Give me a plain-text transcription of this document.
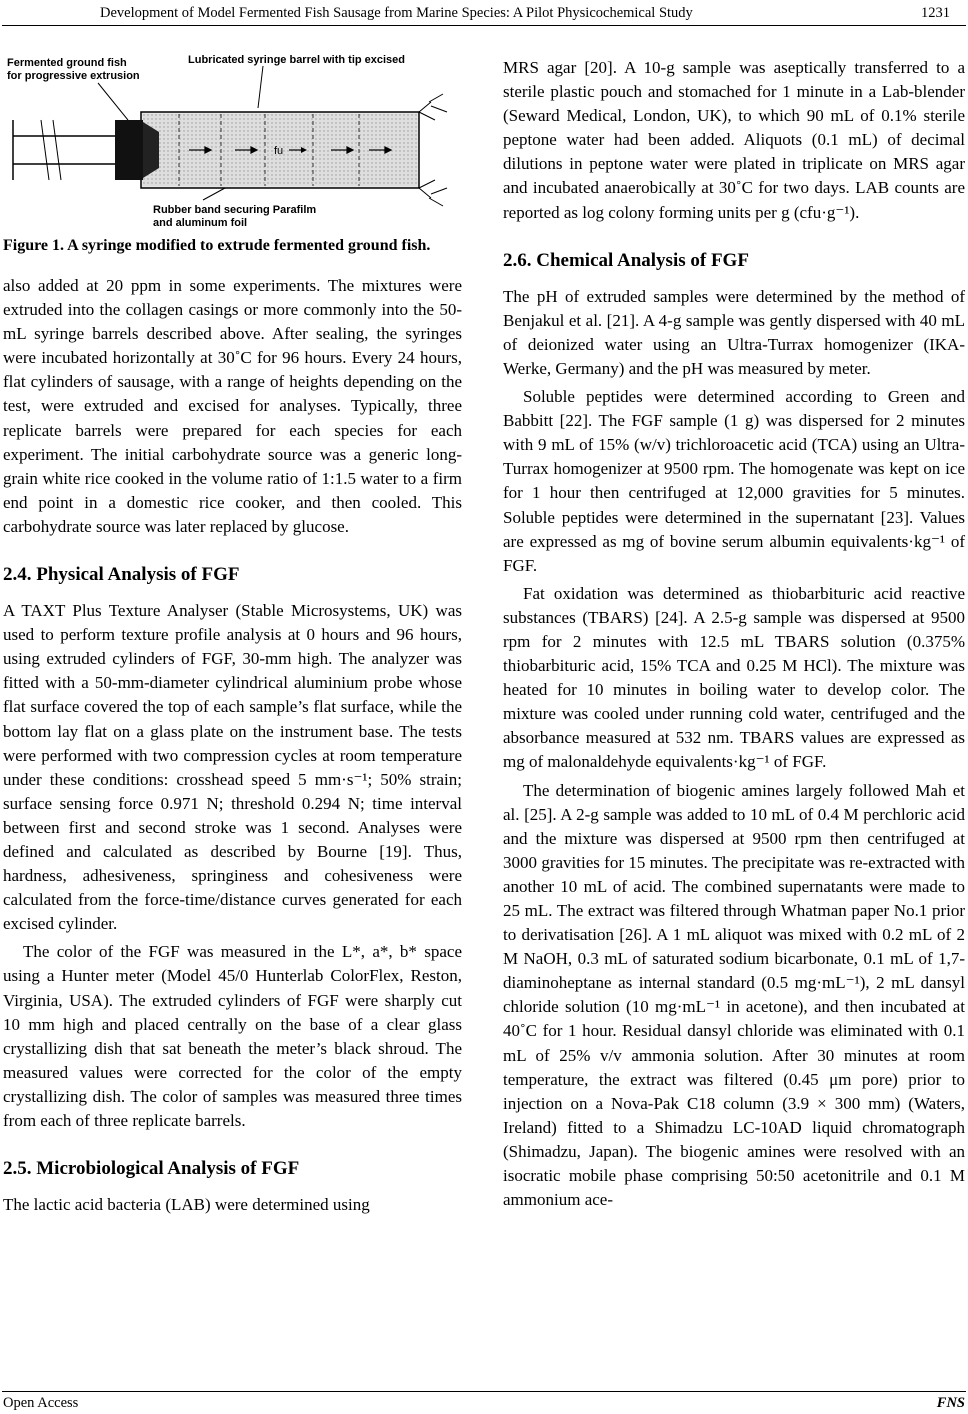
Development of Model Fermented Fish Sausage from Marine Species: A Pilot Physicochemical Study	1231
Fermented ground fish
for progressive extrusion
Lubricated syringe barrel with tip excised
fu
Rubber band securing Parafilm
and aluminum foil
Figure 1. A syringe modified to extrude fermented ground fish.

also added at 20 ppm in some experiments. The mixtures were extruded into the collagen casings or more commonly into the 50-mL syringe barrels described above. After sealing, the syringes were incubated horizontally at 30˚C for 96 hours. Every 24 hours, flat cylinders of sausage, with a range of heights depending on the test, were extruded and excised for analyses. Typically, three replicate barrels were prepared for each species for each experiment. The initial carbohydrate source was a generic long-grain white rice cooked in the volume ratio of 1:1.5 water to a firm end point in a domestic rice cooker, and then cooled. This carbohydrate source was later replaced by glucose.

2.4. Physical Analysis of FGF

A TAXT Plus Texture Analyser (Stable Microsystems, UK) was used to perform texture profile analysis at 0 hours and 96 hours, using extruded cylinders of FGF, 30-mm high. The analyzer was fitted with a 50-mm-diameter cylindrical aluminium probe whose flat surface covered the top of each sample’s flat surface, while the bottom lay flat on a glass plate on the instrument base. The tests were performed with two compression cycles at room temperature under these conditions: crosshead speed 5 mm·s⁻¹; 50% strain; surface sensing force 0.971 N; threshold 0.294 N; time interval between first and second stroke was 1 second. Analyses were defined and calculated as described by Bourne [19]. Thus, hardness, adhesiveness, springiness and cohesiveness were calculated from the force-time/distance curves generated for each excised cylinder.

The color of the FGF was measured in the L*, a*, b* space using a Hunter meter (Model 45/0 Hunterlab ColorFlex, Reston, Virginia, USA). The extruded cylinders of FGF were sharply cut 10 mm high and placed centrally on the base of a clear glass crystallizing dish that sat beneath the meter’s black shroud. The measured values were corrected for the color of the empty crystallizing dish. The color of samples was measured three times from each of three replicate barrels.

2.5. Microbiological Analysis of FGF

The lactic acid bacteria (LAB) were determined using

MRS agar [20]. A 10-g sample was aseptically transferred to a sterile plastic pouch and stomached for 1 minute in a Lab-blender (Seward Medical, London, UK), to which 90 mL of 0.1% sterile peptone water had been added. Aliquots (0.1 mL) of decimal dilutions in peptone water were plated in triplicate on MRS agar and incubated anaerobically at 30˚C for two days. LAB counts are reported as log colony forming units per g (cfu·g⁻¹).

2.6. Chemical Analysis of FGF

The pH of extruded samples were determined by the method of Benjakul et al. [21]. A 4-g sample was gently dispersed with 40 mL of deionized water using an Ultra-Turrax homogenizer (IKA-Werke, Germany) and the pH was measured by meter.

Soluble peptides were determined according to Green and Babbitt [22]. The FGF sample (1 g) was dispersed for 2 minutes with 9 mL of 15% (w/v) trichloroacetic acid (TCA) using an Ultra-Turrax homogenizer at 9500 rpm. The homogenate was kept on ice for 1 hour then centrifuged at 12,000 gravities for 5 minutes. Soluble peptides were determined in the supernatant [23]. Values are expressed as mg of bovine serum albumin equivalents·kg⁻¹ of FGF.

Fat oxidation was determined as thiobarbituric acid reactive substances (TBARS) [24]. A 2.5-g sample was dispersed at 9500 rpm for 2 minutes with 12.5 mL TBARS solution (0.375% thiobarbituric acid, 15% TCA and 0.25 M HCl). The mixture was heated for 10 minutes in boiling water to develop color. The mixture was cooled under running cold water, centrifuged and the absorbance measured at 532 nm. TBARS values are expressed as mg of malonaldehyde equivalents·kg⁻¹ of FGF.

The determination of biogenic amines largely followed Mah et al. [25]. A 2-g sample was added to 10 mL of 0.4 M perchloric acid and the mixture was dispersed at 9500 rpm then centrifuged at 3000 gravities for 15 minutes. The precipitate was re-extracted with another 10 mL of acid. The combined supernatants were made to 25 mL. The extract was filtered through Whatman paper No.1 prior to derivatisation [26]. A 1 mL aliquot was mixed with 0.2 mL of 2 M NaOH, 0.3 mL of saturated sodium bicarbonate, 0.1 mL of 1,7-diaminoheptane as internal standard (0.5 mg·mL⁻¹), 2 mL dansyl chloride solution (10 mg·mL⁻¹ in acetone), and then incubated at 40˚C for 1 hour. Residual dansyl chloride was eliminated with 0.1 mL of 25% v/v ammonia solution. After 30 minutes at room temperature, the extract was filtered (0.45 μm pore) prior to injection on a Nova-Pak C18 column (3.9 × 300 mm) (Waters, Ireland) fitted to a Shimadzu LC-10AD liquid chromatograph (Shimadzu, Japan). The biogenic amines were resolved with an isocratic mobile phase comprising 50:50 acetonitrile and 0.1 M ammonium ace-

Open Access	FNS
